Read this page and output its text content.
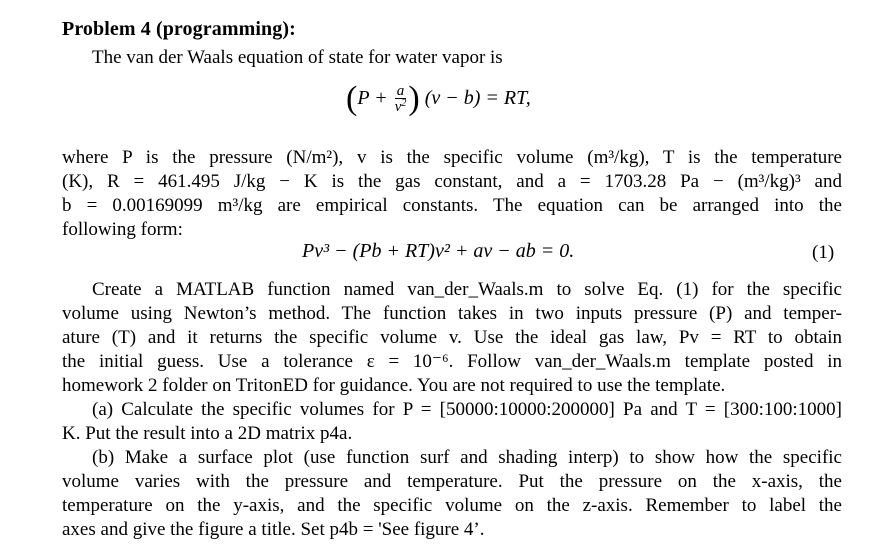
Problem 4 (programming):
The van der Waals equation of state for water vapor is
($P + \frac{a}{v^2}$ ) (v − b) = RT,
where P is the pressure (N/m²), v is the specific volume (m³/kg), T is the temperature
(K), R = 461.495 J/kg − K is the gas constant, and a = 1703.28 Pa − (m³/kg)³ and
b = 0.00169099 m³/kg are empirical constants. The equation can be arranged into the
following form:
Pv³ − (Pb + RT)v² + av − ab = 0.	(1)
Create a MATLAB function named van_der_Waals.m to solve Eq. (1) for the specific
volume using Newton’s method. The function takes in two inputs pressure (P) and temper-
ature (T) and it returns the specific volume v. Use the ideal gas law, Pv = RT to obtain
the initial guess. Use a tolerance ε = 10⁻⁶. Follow van_der_Waals.m template posted in
homework 2 folder on TritonED for guidance. You are not required to use the template.
(a) Calculate the specific volumes for P = [50000:10000:200000] Pa and T = [300:100:1000]
K. Put the result into a 2D matrix p4a.
(b) Make a surface plot (use function surf and shading interp) to show how the specific
volume varies with the pressure and temperature. Put the pressure on the x-axis, the
temperature on the y-axis, and the specific volume on the z-axis. Remember to label the
axes and give the figure a title. Set p4b = 'See figure 4’.
